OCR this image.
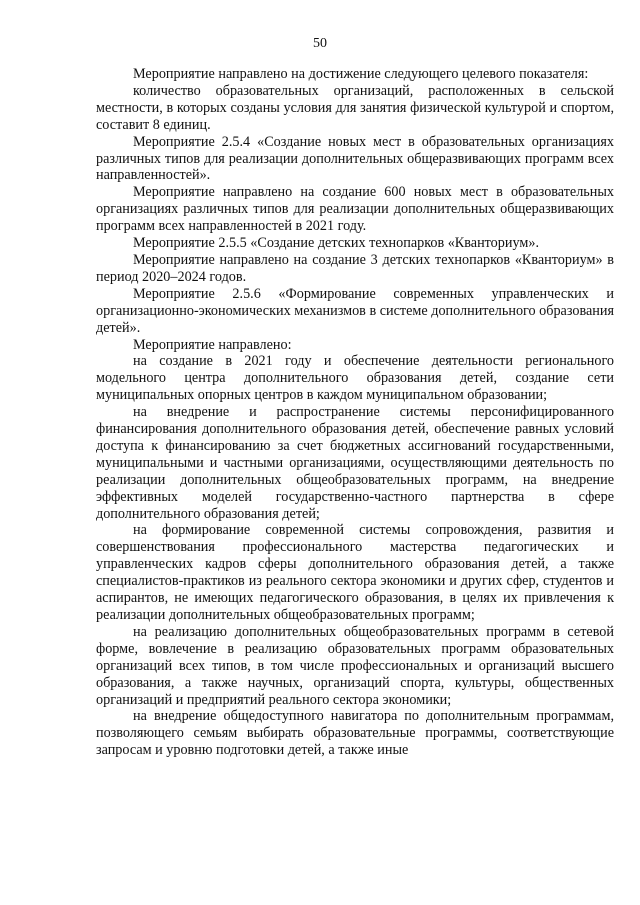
50

Мероприятие направлено на достижение следующего целевого показателя:

количество образовательных организаций, расположенных в сельской местности, в которых созданы условия для занятия физической культурой и спортом, составит 8 единиц.

Мероприятие 2.5.4 «Создание новых мест в образовательных организациях различных типов для реализации дополнительных общеразвивающих программ всех направленностей».

Мероприятие направлено на создание 600 новых мест в образовательных организациях различных типов для реализации дополнительных общеразвивающих программ всех направленностей в 2021 году.

Мероприятие 2.5.5 «Создание детских технопарков «Кванториум».

Мероприятие направлено на создание 3 детских технопарков «Кванториум» в период 2020–2024 годов.

Мероприятие 2.5.6 «Формирование современных управленческих и организационно-экономических механизмов в системе дополнительного образования детей».

Мероприятие направлено:

на создание в 2021 году и обеспечение деятельности регионального модельного центра дополнительного образования детей, создание сети муниципальных опорных центров в каждом муниципальном образовании;

на внедрение и распространение системы персонифицированного финансирования дополнительного образования детей, обеспечение равных условий доступа к финансированию за счет бюджетных ассигнований государственными, муниципальными и частными организациями, осуществляющими деятельность по реализации дополнительных общеобразовательных программ, на внедрение эффективных моделей государственно-частного партнерства в сфере дополнительного образования детей;

на формирование современной системы сопровождения, развития и совершенствования профессионального мастерства педагогических и управленческих кадров сферы дополнительного образования детей, а также специалистов-практиков из реального сектора экономики и других сфер, студентов и аспирантов, не имеющих педагогического образования, в целях их привлечения к реализации дополнительных общеобразовательных программ;

на реализацию дополнительных общеобразовательных программ в сетевой форме, вовлечение в реализацию образовательных программ образовательных организаций всех типов, в том числе профессиональных и организаций высшего образования, а также научных, организаций спорта, культуры, общественных организаций и предприятий реального сектора экономики;

на внедрение общедоступного навигатора по дополнительным программам, позволяющего семьям выбирать образовательные программы, соответствующие запросам и уровню подготовки детей, а также иные
